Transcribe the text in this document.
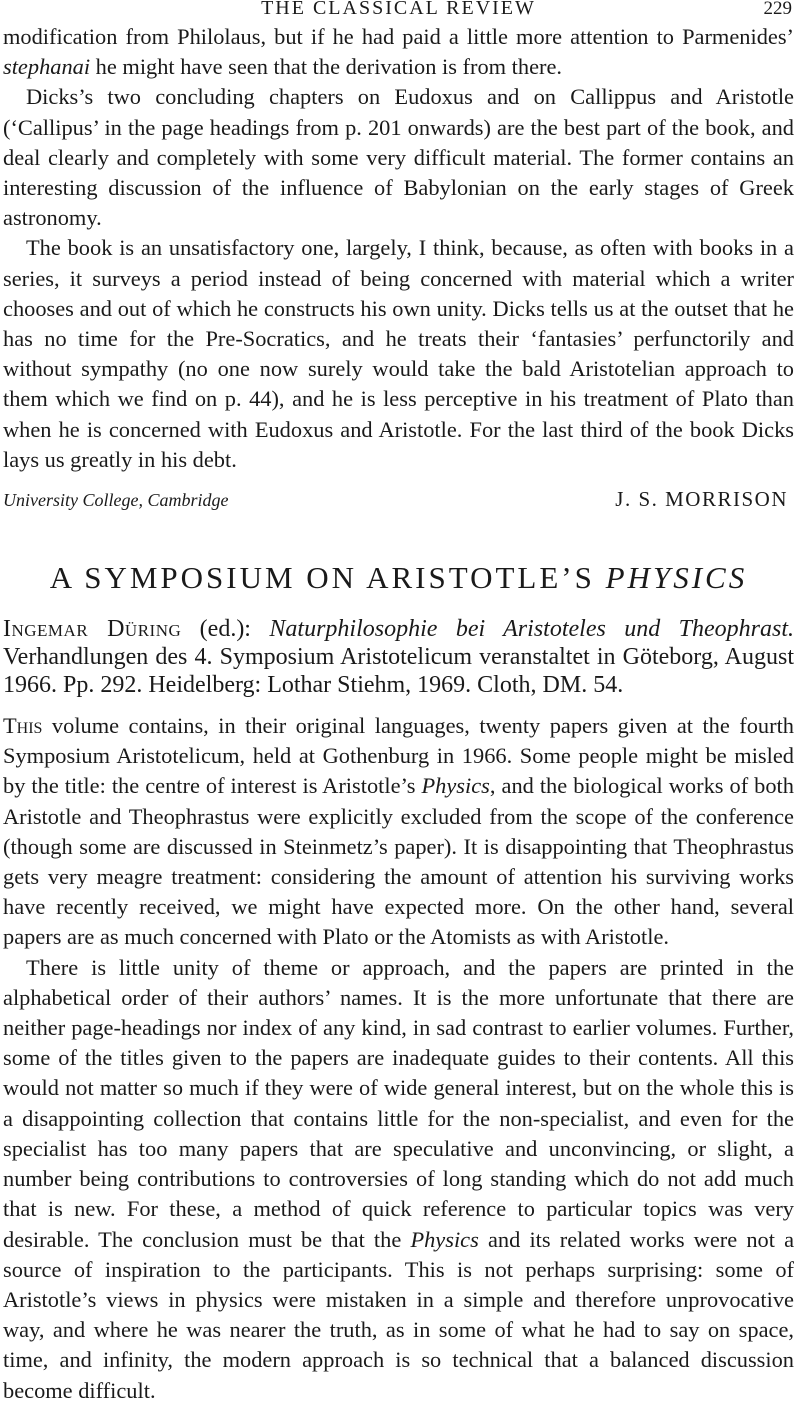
THE CLASSICAL REVIEW	229

modification from Philolaus, but if he had paid a little more attention to Parmenides’ stephanai he might have seen that the derivation is from there.

Dicks’s two concluding chapters on Eudoxus and on Callippus and Aristotle (‘Callipus’ in the page headings from p. 201 onwards) are the best part of the book, and deal clearly and completely with some very difficult material. The former contains an interesting discussion of the influence of Babylonian on the early stages of Greek astronomy.

The book is an unsatisfactory one, largely, I think, because, as often with books in a series, it surveys a period instead of being concerned with material which a writer chooses and out of which he constructs his own unity. Dicks tells us at the outset that he has no time for the Pre-Socratics, and he treats their ‘fantasies’ perfunctorily and without sympathy (no one now surely would take the bald Aristotelian approach to them which we find on p. 44), and he is less perceptive in his treatment of Plato than when he is concerned with Eudoxus and Aristotle. For the last third of the book Dicks lays us greatly in his debt.

University College, Cambridge	J. S. MORRISON
A SYMPOSIUM ON ARISTOTLE’S PHYSICS
Ingemar Düring (ed.): Naturphilosophie bei Aristoteles und Theophrast. Verhandlungen des 4. Symposium Aristotelicum veranstaltet in Göteborg, August 1966. Pp. 292. Heidelberg: Lothar Stiehm, 1969. Cloth, DM. 54.

This volume contains, in their original languages, twenty papers given at the fourth Symposium Aristotelicum, held at Gothenburg in 1966. Some people might be misled by the title: the centre of interest is Aristotle’s Physics, and the biological works of both Aristotle and Theophrastus were explicitly excluded from the scope of the conference (though some are discussed in Steinmetz’s paper). It is disappointing that Theophrastus gets very meagre treatment: considering the amount of attention his surviving works have recently received, we might have expected more. On the other hand, several papers are as much concerned with Plato or the Atomists as with Aristotle.

There is little unity of theme or approach, and the papers are printed in the alphabetical order of their authors’ names. It is the more unfortunate that there are neither page-headings nor index of any kind, in sad contrast to earlier volumes. Further, some of the titles given to the papers are inadequate guides to their contents. All this would not matter so much if they were of wide general interest, but on the whole this is a disappointing collection that contains little for the non-specialist, and even for the specialist has too many papers that are speculative and unconvincing, or slight, a number being contributions to controversies of long standing which do not add much that is new. For these, a method of quick reference to particular topics was very desirable. The conclusion must be that the Physics and its related works were not a source of inspiration to the participants. This is not perhaps surprising: some of Aristotle’s views in physics were mistaken in a simple and therefore unprovocative way, and where he was nearer the truth, as in some of what he had to say on space, time, and infinity, the modern approach is so technical that a balanced discussion become difficult.
